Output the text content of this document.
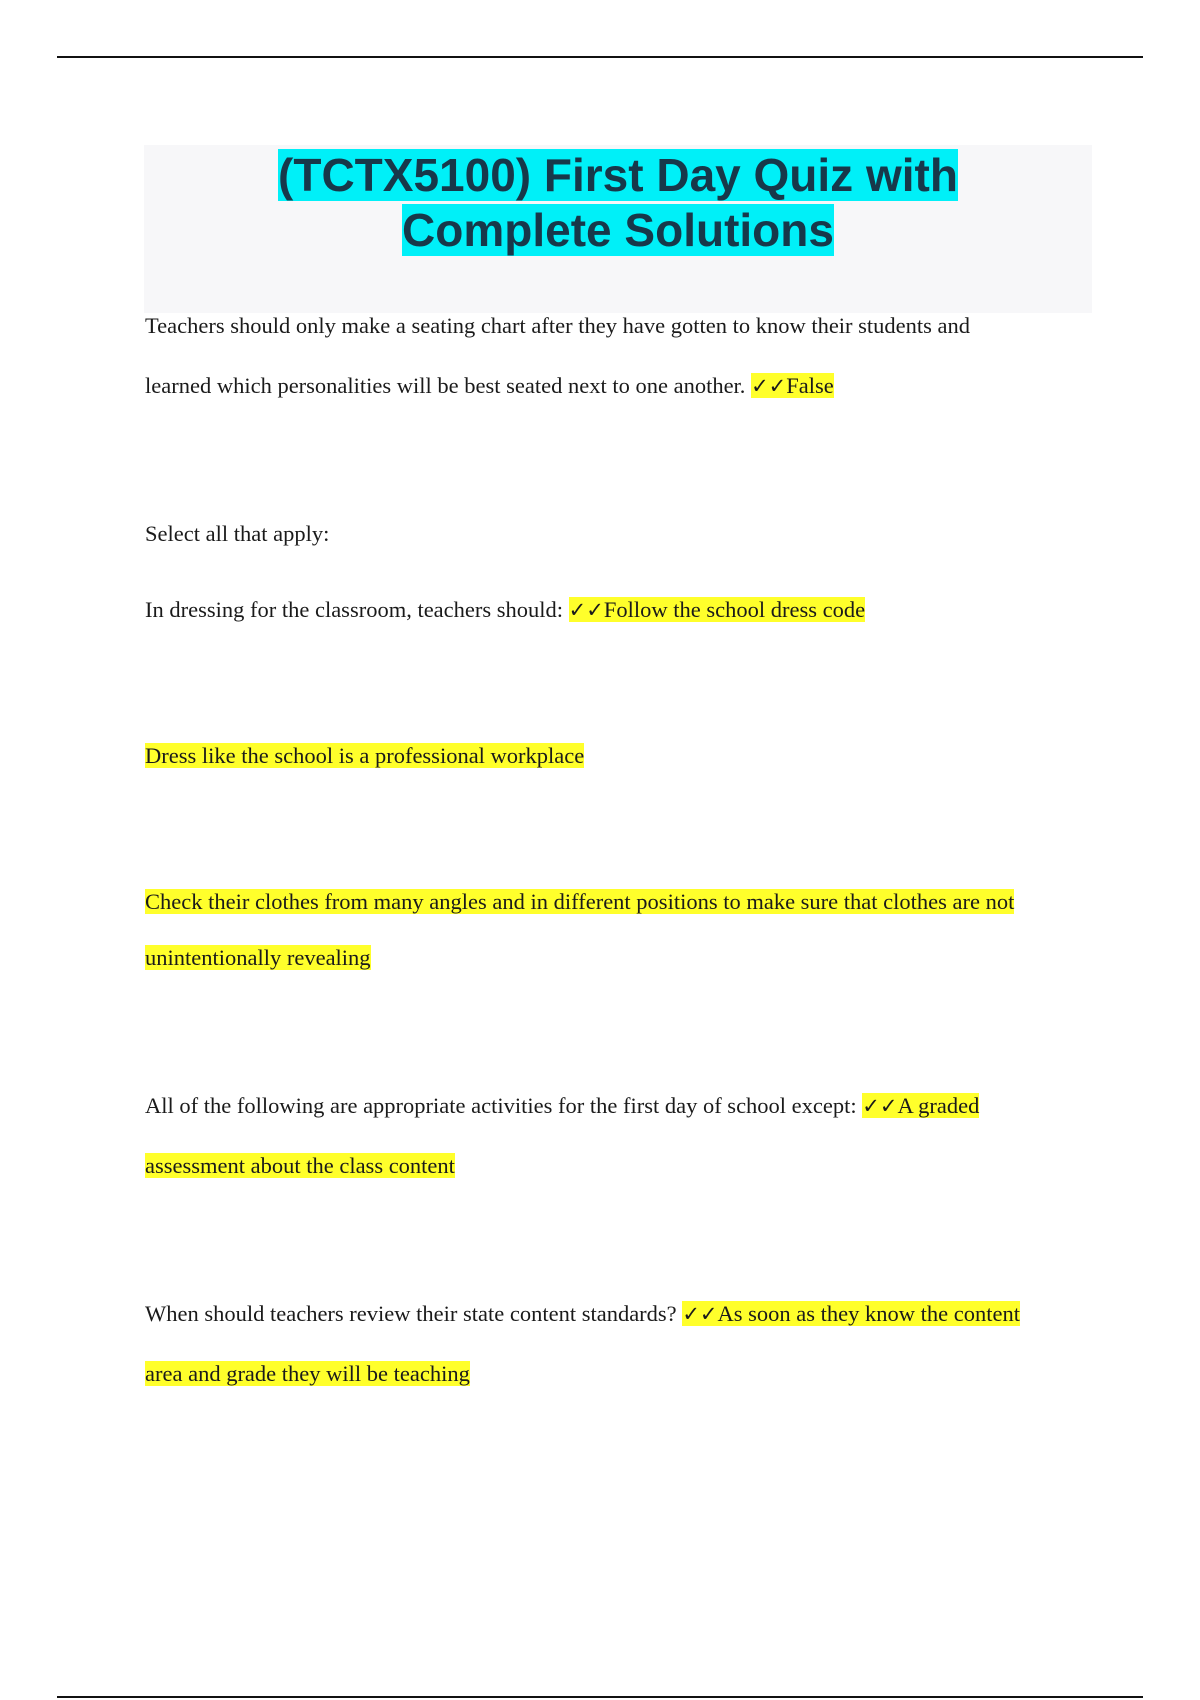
(TCTX5100) First Day Quiz with
Complete Solutions
Teachers should only make a seating chart after they have gotten to know their students and
learned which personalities will be best seated next to one another. ✓✓False
Select all that apply:
In dressing for the classroom, teachers should: ✓✓Follow the school dress code
Dress like the school is a professional workplace
Check their clothes from many angles and in different positions to make sure that clothes are not
unintentionally revealing
All of the following are appropriate activities for the first day of school except: ✓✓A graded
assessment about the class content
When should teachers review their state content standards? ✓✓As soon as they know the content
area and grade they will be teaching
